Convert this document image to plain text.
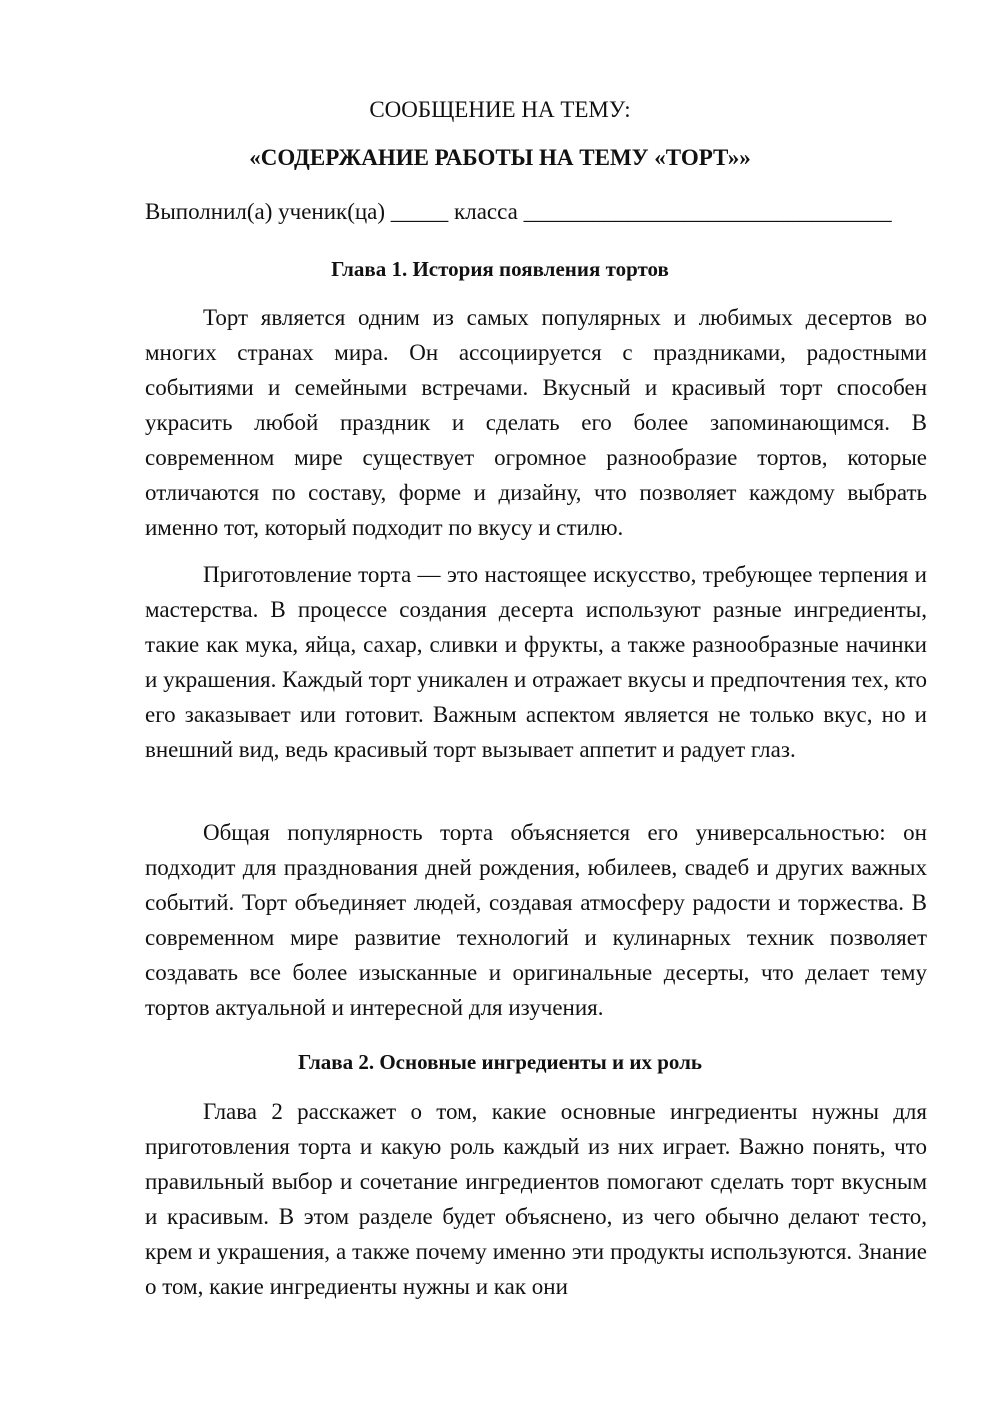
СООБЩЕНИЕ НА ТЕМУ:
«СОДЕРЖАНИЕ РАБОТЫ НА ТЕМУ «ТОРТ»»
Выполнил(а) ученик(ца) _____ класса ________________________________
Глава 1. История появления тортов

Торт является одним из самых популярных и любимых десертов во многих странах мира. Он ассоциируется с праздниками, радостными событиями и семейными встречами. Вкусный и красивый торт способен украсить любой праздник и сделать его более запоминающимся. В современном мире существует огромное разнообразие тортов, которые отличаются по составу, форме и дизайну, что позволяет каждому выбрать именно тот, который подходит по вкусу и стилю.

Приготовление торта — это настоящее искусство, требующее терпения и мастерства. В процессе создания десерта используют разные ингредиенты, такие как мука, яйца, сахар, сливки и фрукты, а также разнообразные начинки и украшения. Каждый торт уникален и отражает вкусы и предпочтения тех, кто его заказывает или готовит. Важным аспектом является не только вкус, но и внешний вид, ведь красивый торт вызывает аппетит и радует глаз.

Общая популярность торта объясняется его универсальностью: он подходит для празднования дней рождения, юбилеев, свадеб и других важных событий. Торт объединяет людей, создавая атмосферу радости и торжества. В современном мире развитие технологий и кулинарных техник позволяет создавать все более изысканные и оригинальные десерты, что делает тему тортов актуальной и интересной для изучения.

Глава 2. Основные ингредиенты и их роль

Глава 2 расскажет о том, какие основные ингредиенты нужны для приготовления торта и какую роль каждый из них играет. Важно понять, что правильный выбор и сочетание ингредиентов помогают сделать торт вкусным и красивым. В этом разделе будет объяснено, из чего обычно делают тесто, крем и украшения, а также почему именно эти продукты используются. Знание о том, какие ингредиенты нужны и как они
